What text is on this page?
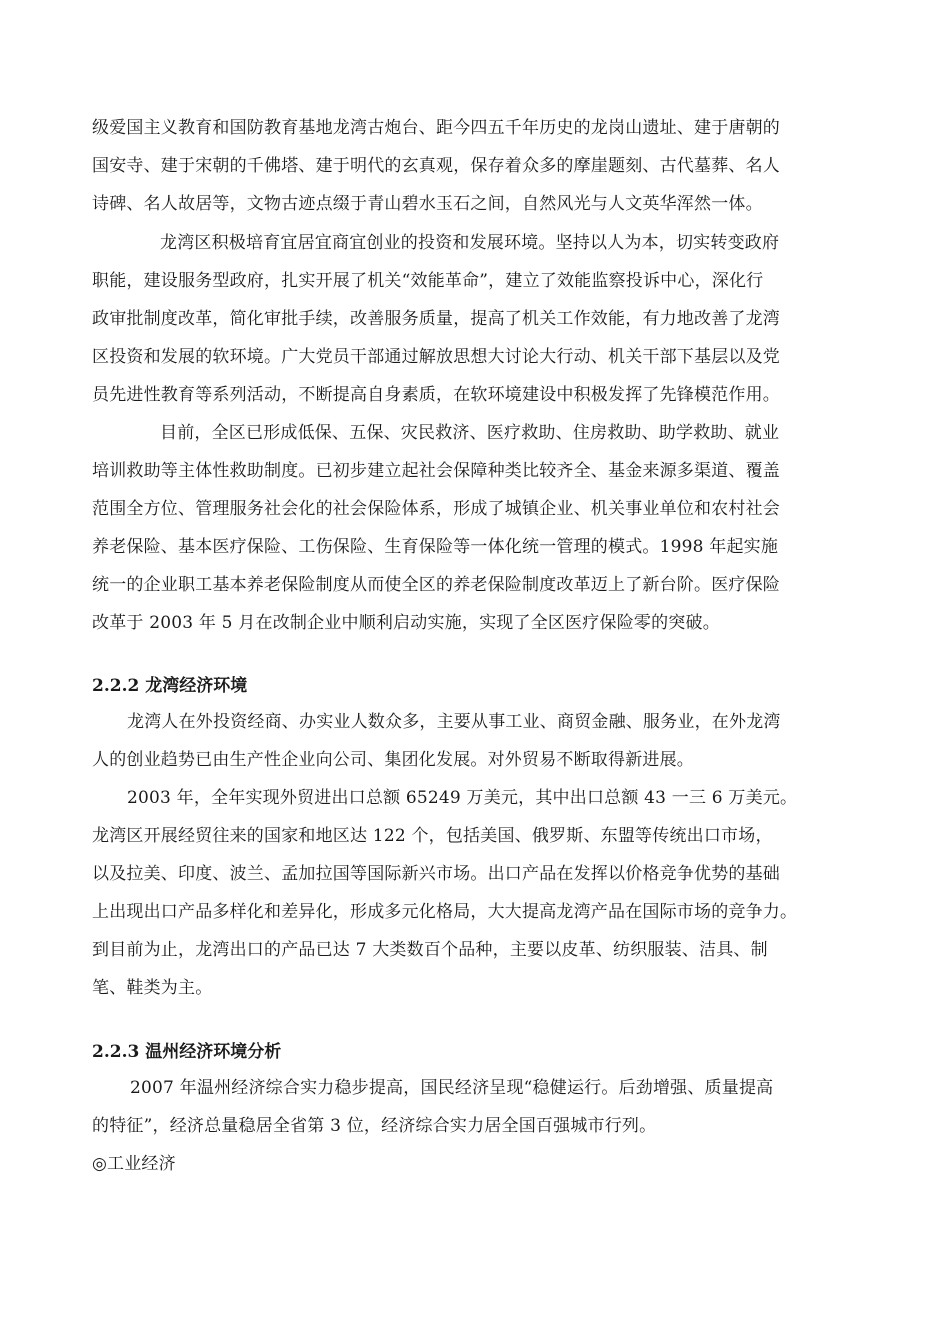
级爱国主义教育和国防教育基地龙湾古炮台、距今四五千年历史的龙岗山遗址、建于唐朝的
国安寺、建于宋朝的千佛塔、建于明代的玄真观，保存着众多的摩崖题刻、古代墓葬、名人
诗碑、名人故居等，文物古迹点缀于青山碧水玉石之间，自然风光与人文英华浑然一体。
龙湾区积极培育宜居宜商宜创业的投资和发展环境。坚持以人为本，切实转变政府
职能，建设服务型政府，扎实开展了机关“效能革命”，建立了效能监察投诉中心，深化行
政审批制度改革，简化审批手续，改善服务质量，提高了机关工作效能，有力地改善了龙湾
区投资和发展的软环境。广大党员干部通过解放思想大讨论大行动、机关干部下基层以及党
员先进性教育等系列活动，不断提高自身素质，在软环境建设中积极发挥了先锋模范作用。
目前，全区已形成低保、五保、灾民救济、医疗救助、住房救助、助学救助、就业
培训救助等主体性救助制度。已初步建立起社会保障种类比较齐全、基金来源多渠道、覆盖
范围全方位、管理服务社会化的社会保险体系，形成了城镇企业、机关事业单位和农村社会
养老保险、基本医疗保险、工伤保险、生育保险等一体化统一管理的模式。1998 年起实施
统一的企业职工基本养老保险制度从而使全区的养老保险制度改革迈上了新台阶。医疗保险
改革于 2003 年 5 月在改制企业中顺利启动实施，实现了全区医疗保险零的突破。
2.2.2 龙湾经济环境
龙湾人在外投资经商、办实业人数众多，主要从事工业、商贸金融、服务业，在外龙湾
人的创业趋势已由生产性企业向公司、集团化发展。对外贸易不断取得新进展。
2003 年，全年实现外贸进出口总额 65249 万美元，其中出口总额 43 一三 6 万美元。
龙湾区开展经贸往来的国家和地区达 122 个，包括美国、俄罗斯、东盟等传统出口市场，
以及拉美、印度、波兰、孟加拉国等国际新兴市场。出口产品在发挥以价格竞争优势的基础
上出现出口产品多样化和差异化，形成多元化格局，大大提高龙湾产品在国际市场的竞争力。
到目前为止，龙湾出口的产品已达 7 大类数百个品种，主要以皮革、纺织服装、洁具、制
笔、鞋类为主。
2.2.3 温州经济环境分析
2007 年温州经济综合实力稳步提高，国民经济呈现“稳健运行。后劲增强、质量提高
的特征”，经济总量稳居全省第 3 位，经济综合实力居全国百强城市行列。
◎工业经济
